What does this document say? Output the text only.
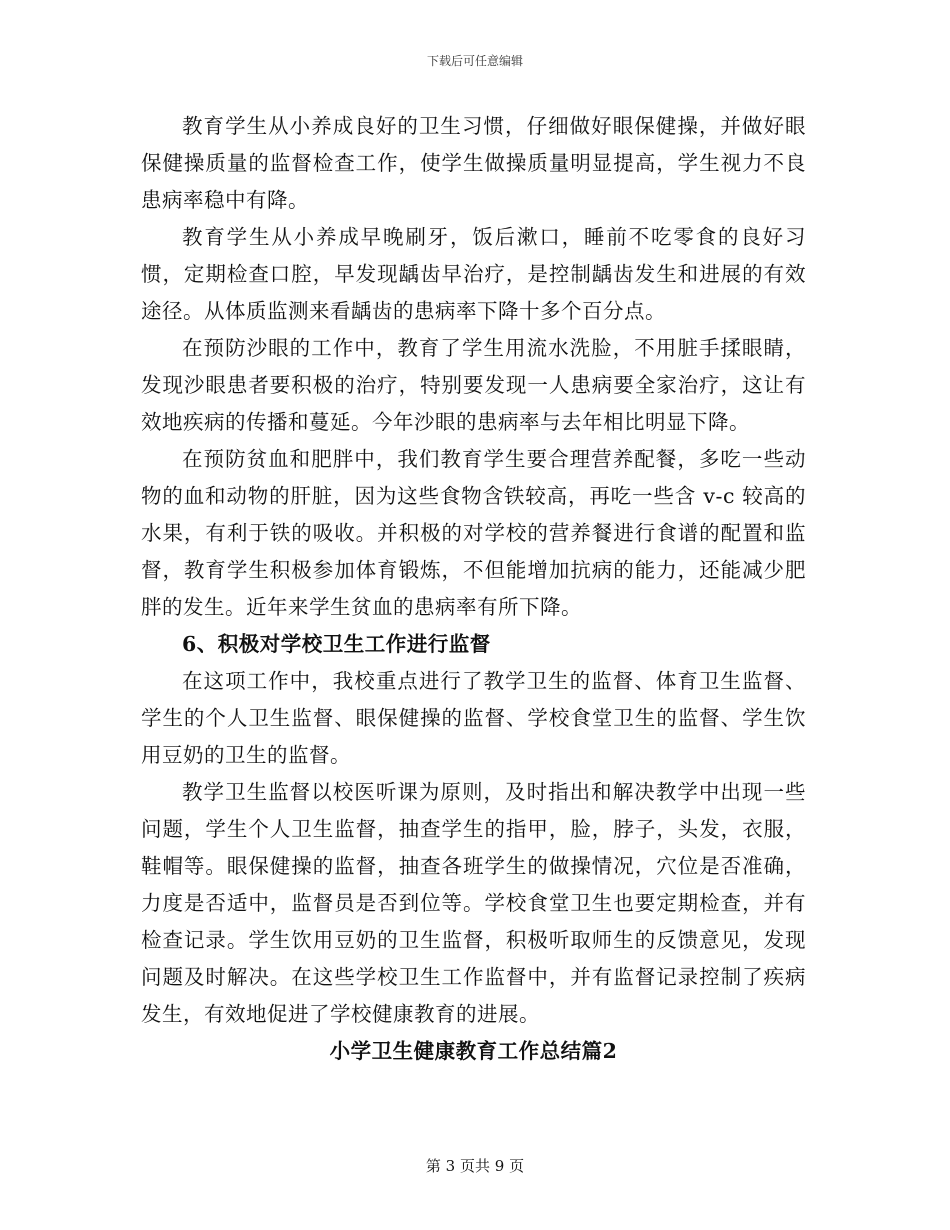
下载后可任意编辑

教育学生从小养成良好的卫生习惯，仔细做好眼保健操，并做好眼保健操质量的监督检查工作，使学生做操质量明显提高，学生视力不良患病率稳中有降。

教育学生从小养成早晚刷牙，饭后漱口，睡前不吃零食的良好习惯，定期检查口腔，早发现龋齿早治疗，是控制龋齿发生和进展的有效途径。从体质监测来看龋齿的患病率下降十多个百分点。

在预防沙眼的工作中，教育了学生用流水洗脸，不用脏手揉眼睛，发现沙眼患者要积极的治疗，特别要发现一人患病要全家治疗，这让有效地疾病的传播和蔓延。今年沙眼的患病率与去年相比明显下降。

在预防贫血和肥胖中，我们教育学生要合理营养配餐，多吃一些动物的血和动物的肝脏，因为这些食物含铁较高，再吃一些含 v-c 较高的水果，有利于铁的吸收。并积极的对学校的营养餐进行食谱的配置和监督，教育学生积极参加体育锻炼，不但能增加抗病的能力，还能减少肥胖的发生。近年来学生贫血的患病率有所下降。

6、积极对学校卫生工作进行监督

在这项工作中，我校重点进行了教学卫生的监督、体育卫生监督、学生的个人卫生监督、眼保健操的监督、学校食堂卫生的监督、学生饮用豆奶的卫生的监督。

教学卫生监督以校医听课为原则，及时指出和解决教学中出现一些问题，学生个人卫生监督，抽查学生的指甲，脸，脖子，头发，衣服，鞋帽等。眼保健操的监督，抽查各班学生的做操情况，穴位是否准确，力度是否适中，监督员是否到位等。学校食堂卫生也要定期检查，并有检查记录。学生饮用豆奶的卫生监督，积极听取师生的反馈意见，发现问题及时解决。在这些学校卫生工作监督中，并有监督记录控制了疾病发生，有效地促进了学校健康教育的进展。

小学卫生健康教育工作总结篇2

第 3 页共 9 页
